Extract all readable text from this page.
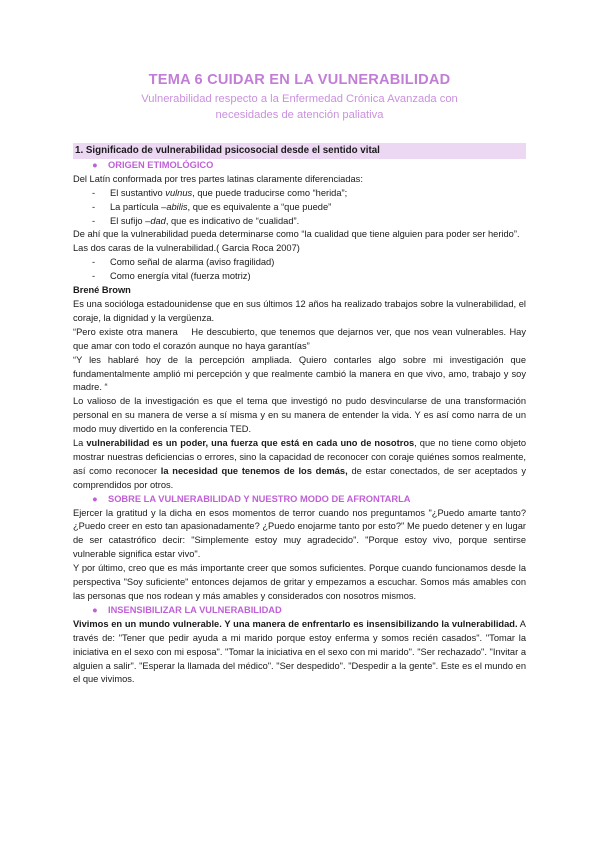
TEMA 6 CUIDAR EN LA VULNERABILIDAD
Vulnerabilidad respecto a la Enfermedad Crónica Avanzada con
necesidades de atención paliativa
1. Significado de vulnerabilidad psicosocial desde el sentido vital
● ORIGEN ETIMOLÓGICO

Del Latín conformada por tres partes latinas claramente diferenciadas:

- El sustantivo vulnus, que puede traducirse como “herida”;
- La partícula –abilis, que es equivalente a “que puede”
- El sufijo –dad, que es indicativo de “cualidad”.

De ahí que la vulnerabilidad pueda determinarse como “la cualidad que tiene alguien para poder ser herido”.

Las dos caras de la vulnerabilidad.( Garcia Roca 2007)

- Como señal de alarma (aviso fragilidad)
- Como energía vital (fuerza motriz)

Brené Brown

Es una socióloga estadounidense que en sus últimos 12 años ha realizado trabajos sobre la vulnerabilidad, el coraje, la dignidad y la vergüenza.

“Pero existe otra manera    He descubierto, que tenemos que dejarnos ver, que nos vean vulnerables. Hay que amar con todo el corazón aunque no haya garantías”

“Y les hablaré hoy de la percepción ampliada. Quiero contarles algo sobre mi investigación que fundamentalmente amplió mi percepción y que realmente cambió la manera en que vivo, amo, trabajo y soy madre. “

Lo valioso de la investigación es que el tema que investigó no pudo desvincularse de una transformación personal en su manera de verse a sí misma y en su manera de entender la vida. Y es así como narra de un modo muy divertido en la conferencia TED.

La vulnerabilidad es un poder, una fuerza que está en cada uno de nosotros, que no tiene como objeto mostrar nuestras deficiencias o errores, sino la capacidad de reconocer con coraje quiénes somos realmente, así como reconocer la necesidad que tenemos de los demás, de estar conectados, de ser aceptados y comprendidos por otros.

● SOBRE LA VULNERABILIDAD Y NUESTRO MODO DE AFRONTARLA

Ejercer la gratitud y la dicha en esos momentos de terror cuando nos preguntamos "¿Puedo amarte tanto? ¿Puedo creer en esto tan apasionadamente? ¿Puedo enojarme tanto por esto?" Me puedo detener y en lugar de ser catastrófico decir: "Simplemente estoy muy agradecido". "Porque estoy vivo, porque sentirse vulnerable significa estar vivo".

Y por último, creo que es más importante creer que somos suficientes. Porque cuando funcionamos desde la perspectiva "Soy suficiente" entonces dejamos de gritar y empezamos a escuchar. Somos más amables con las personas que nos rodean y más amables y considerados con nosotros mismos.

● INSENSIBILIZAR LA VULNERABILIDAD

Vivimos en un mundo vulnerable. Y una manera de enfrentarlo es insensibilizando la vulnerabilidad. A través de: "Tener que pedir ayuda a mi marido porque estoy enferma y somos recién casados". "Tomar la iniciativa en el sexo con mi esposa". "Tomar la iniciativa en el sexo con mi marido". "Ser rechazado". "Invitar a alguien a salir". "Esperar la llamada del médico". "Ser despedido". "Despedir a la gente". Este es el mundo en el que vivimos.
